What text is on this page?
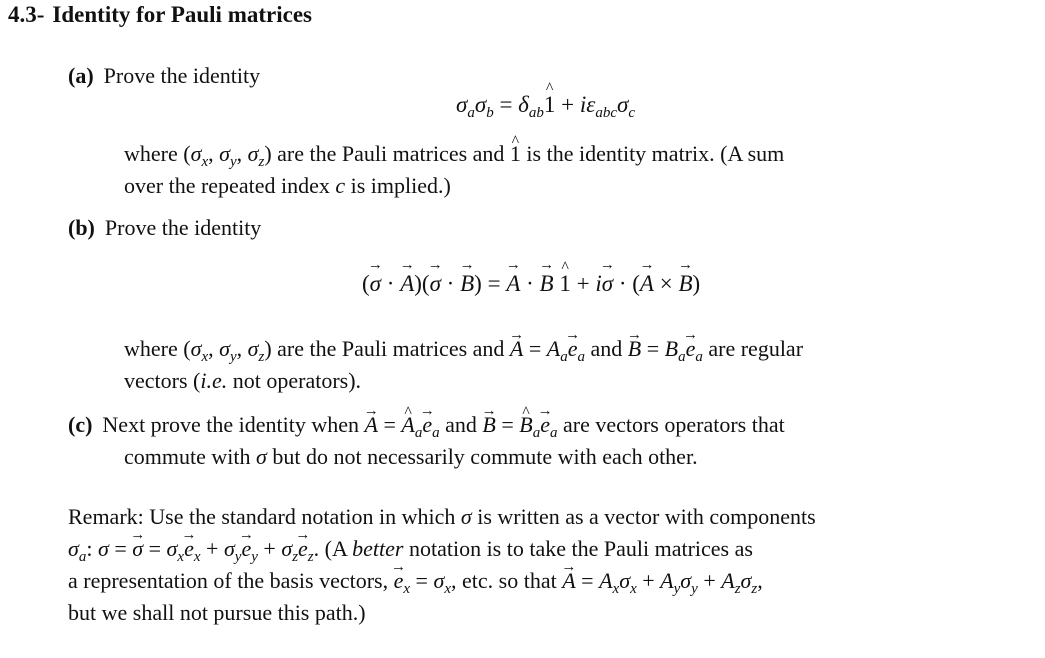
4.3- Identity for Pauli matrices
(a) Prove the identity
$\sigma_a\sigma_b$ = $\delta_{ab}\^{}$ $1 + i\varepsilon_{abc}\sigma_c$
where ($\sigma_x$, $\sigma_y$, $\sigma_z$) are the Pauli matrices and ^ 1 is the identity matrix. (A sum
over the repeated index c is implied.)
(b) Prove the identity
(→ σ · → A)(→ σ · → B) = → A · → B ^ 1 + i→ σ · (→ A × → B)
where ($\sigma_x$, $\sigma_y$, $\sigma_z$) are the Pauli matrices and → $A = A_a\to e_a$ and → $B = B_a\to e_a$ are regular
vectors (i.e. not operators).
(c) Next prove the identity when → A = ^ $A_a\to e_a$ and → B = ^ $B_a\to e_a$ are vectors operators that
commute with σ but do not necessarily commute with each other.
Remark: Use the standard notation in which σ is written as a vector with components
$\sigma_a$: σ = → $\sigma = \sigma_x\to e_x + \sigma_y\to e_y + \sigma_z\to e_z$. (A better notation is to take the Pauli matrices as
a representation of the basis vectors, → $e_x = \sigma_x$, etc. so that → $A = A_x\sigma_x + A_y\sigma_y + A_z\sigma_z$,
but we shall not pursue this path.)
